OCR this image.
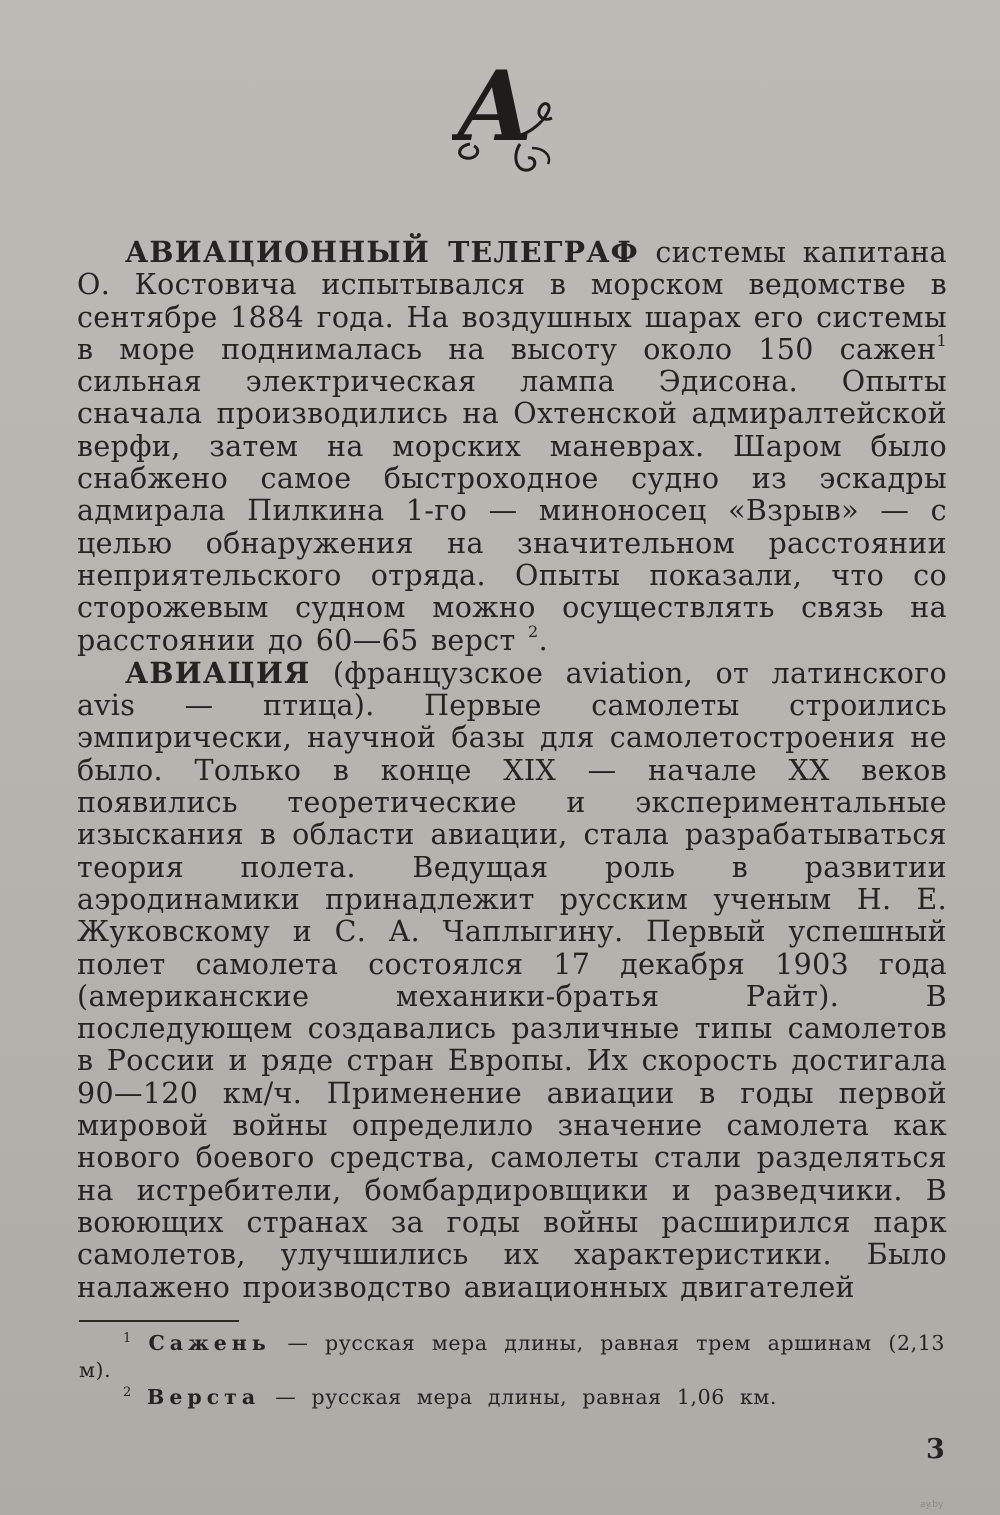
А

АВИАЦИОННЫЙ ТЕЛЕГРАФ системы капитана О. Костовича испытывался в морском ведомстве в сентябре 1884 года. На воздушных шарах его системы в море поднималась на высоту около 150 сажен$^1$ сильная электрическая лампа Эдисона. Опыты сначала производились на Охтенской адмиралтейской верфи, затем на морских маневрах. Шаром было снабжено самое быстроходное судно из эскадры адмирала Пилкина 1-го — миноносец «Взрыв» — с целью обнаружения на значительном расстоянии неприятельского отряда. Опыты показали, что со сторожевым судном можно осуществлять связь на расстоянии до 60—65 верст $^2$.

АВИАЦИЯ (французское aviation, от латинского avis — птица). Первые самолеты строились эмпирически, научной базы для самолетостроения не было. Только в конце XIX — начале XX веков появились теоретические и экспериментальные изыскания в области авиации, стала разрабатываться теория полета. Ведущая роль в развитии аэродинамики принадлежит русским ученым Н. Е. Жуковскому и С. А. Чаплыгину. Первый успешный полет самолета состоялся 17 декабря 1903 года (американские механики-братья Райт). В последующем создавались различные типы самолетов в России и ряде стран Европы. Их скорость достигала 90—120 км/ч. Применение авиации в годы первой мировой войны определило значение самолета как нового боевого средства, самолеты стали разделяться на истребители, бомбардировщики и разведчики. В воюющих странах за годы войны расширился парк самолетов, улучшились их характеристики. Было налажено производство авиационных двигателей

$^1$ Сажень — русская мера длины, равная трем аршинам (2,13 м).

$^2$ Верста — русская мера длины, равная 1,06 км.

3
ay.by
